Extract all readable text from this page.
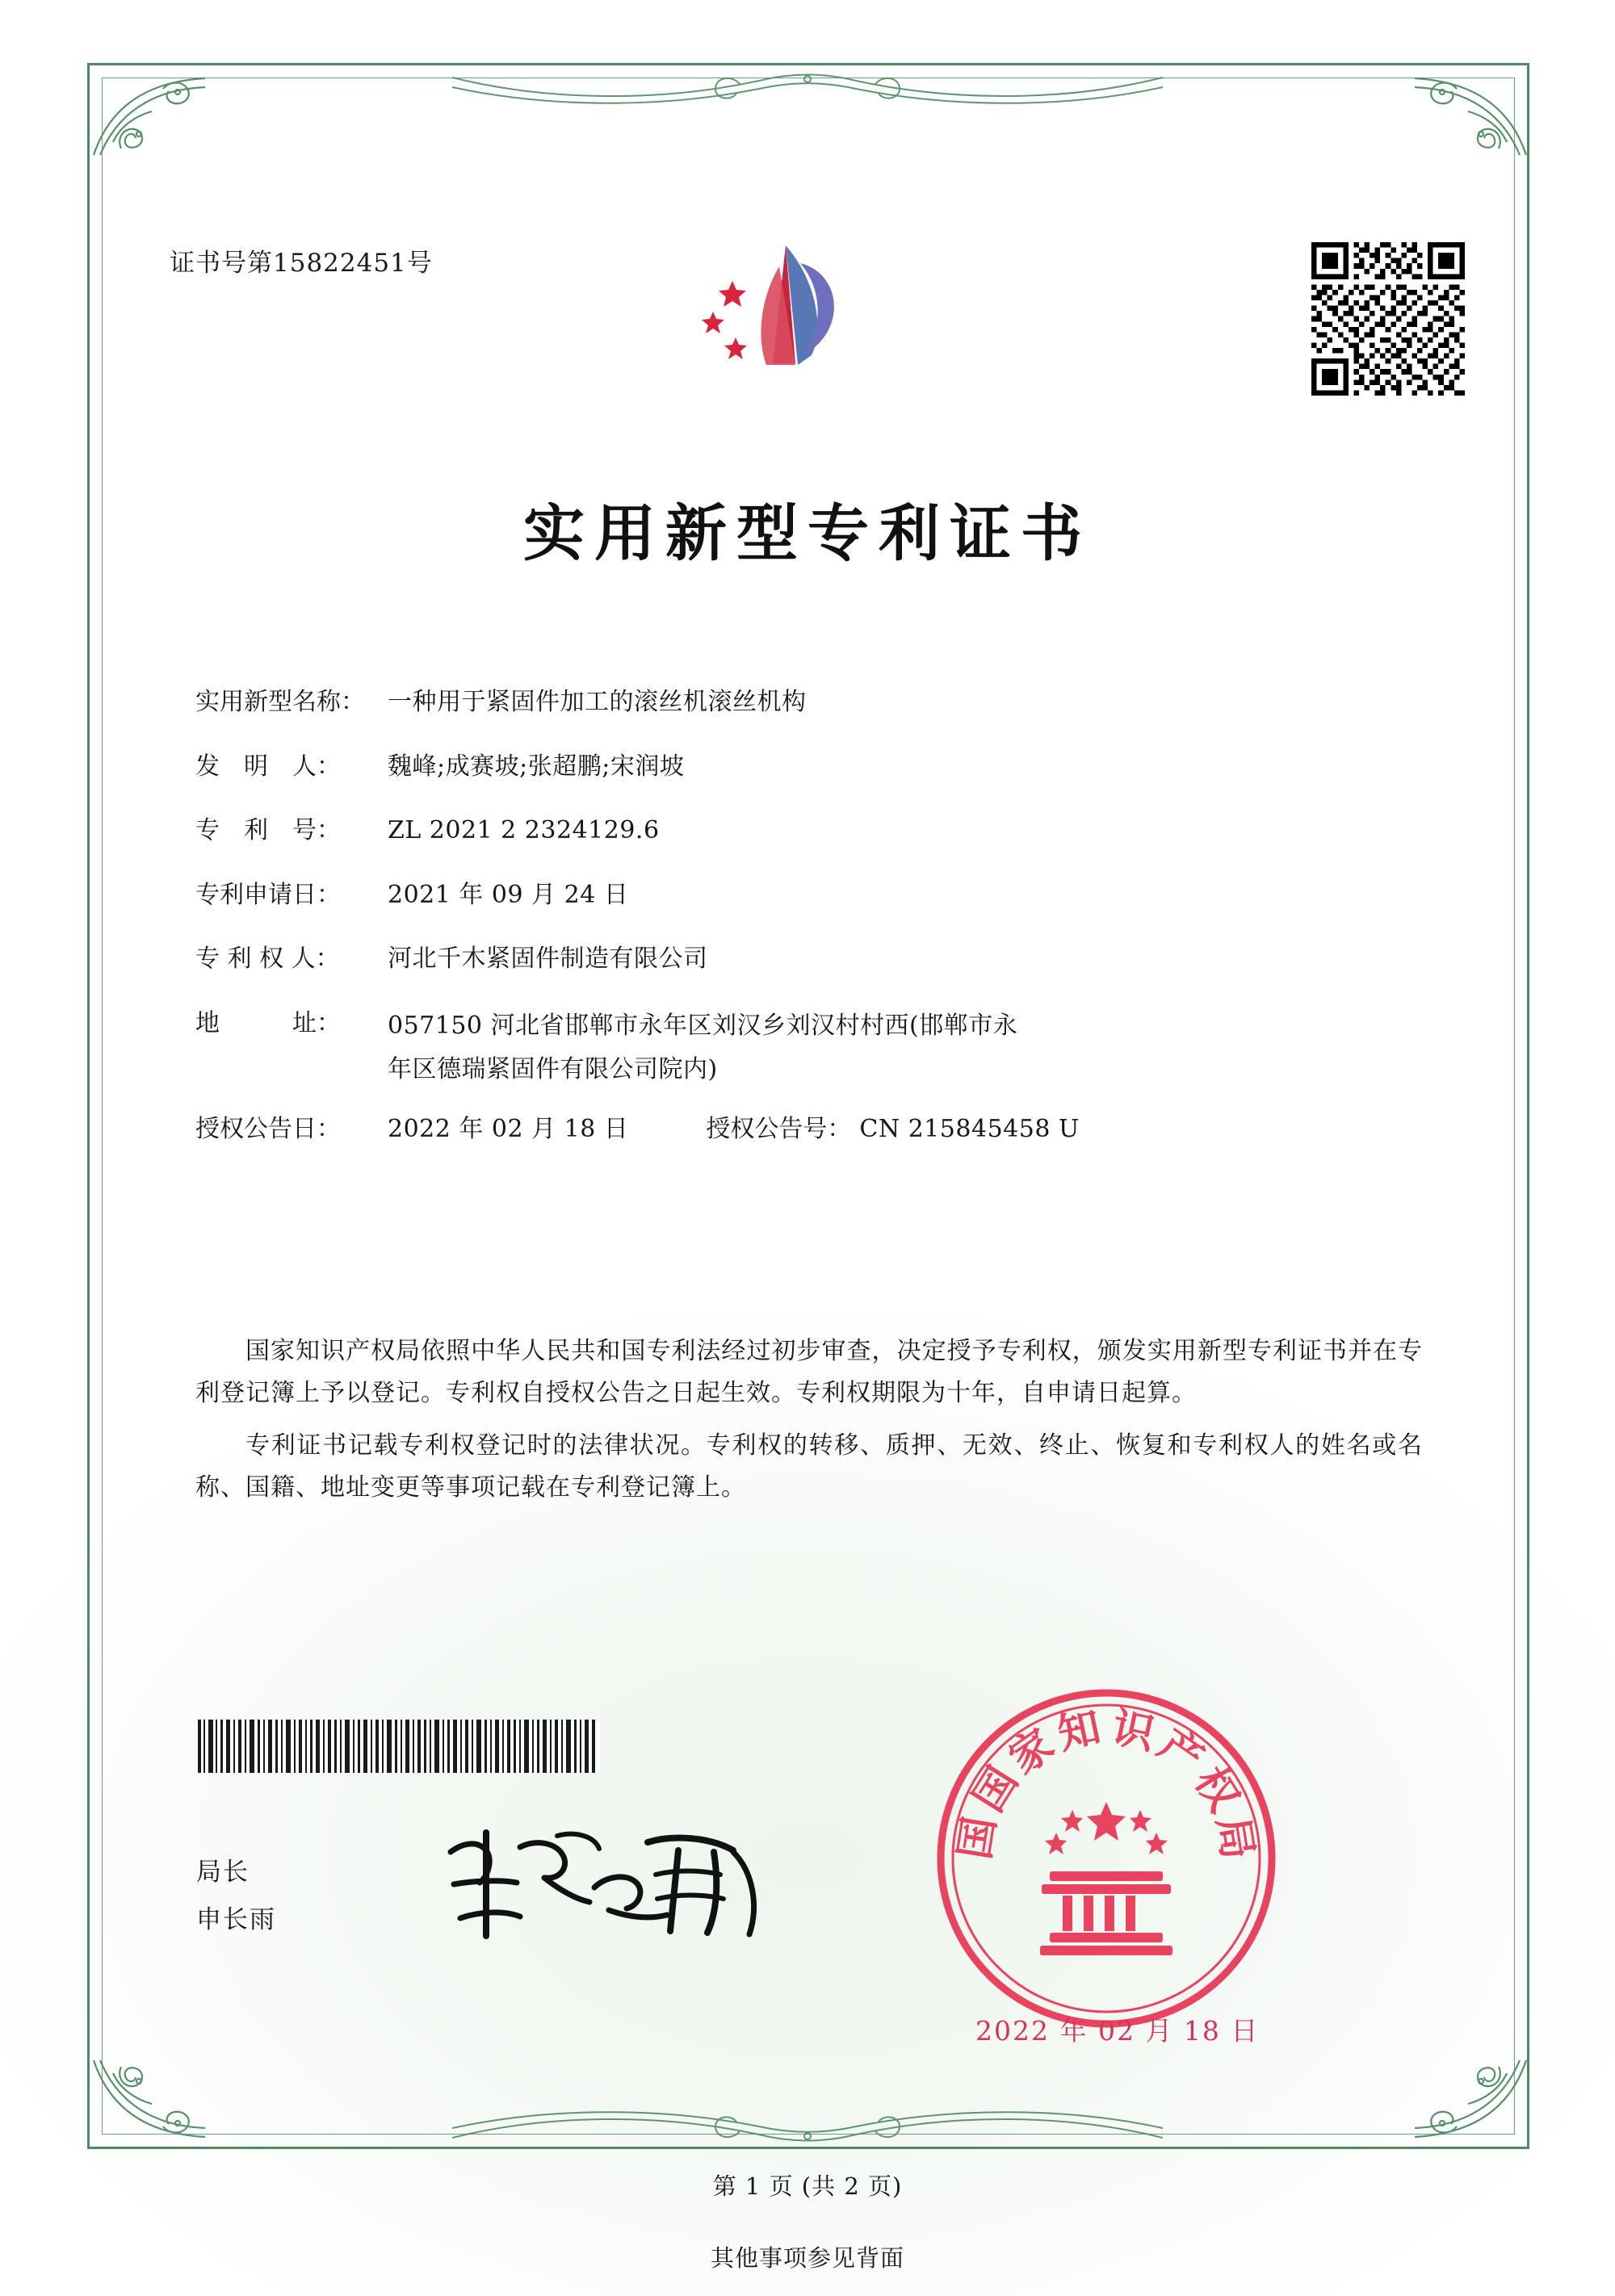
证书号第15822451号
实用新型专利证书
实用新型名称： 一种用于紧固件加工的滚丝机滚丝机构
发　明　人：	魏峰;成赛坡;张超鹏;宋润坡
专　利　号：	ZL 2021 2 2324129.6
专利申请日：	2021 年 09 月 24 日
专 利 权 人：	河北千木紧固件制造有限公司
地　　　址：	057150 河北省邯郸市永年区刘汉乡刘汉村村西(邯郸市永
年区德瑞紧固件有限公司院内)
授权公告日：	2022 年 02 月 18 日	授权公告号： CN 215845458 U

国家知识产权局依照中华人民共和国专利法经过初步审查，决定授予专利权，颁发实用新型专利证书并在专利登记簿上予以登记。专利权自授权公告之日起生效。专利权期限为十年，自申请日起算。

专利证书记载专利权登记时的法律状况。专利权的转移、质押、无效、终止、恢复和专利权人的姓名或名称、国籍、地址变更等事项记载在专利登记簿上。

局长
申长雨
国
家
知 识
产
权
局
国
2022 年 02 月 18 日
第 1 页 (共 2 页)
其他事项参见背面
